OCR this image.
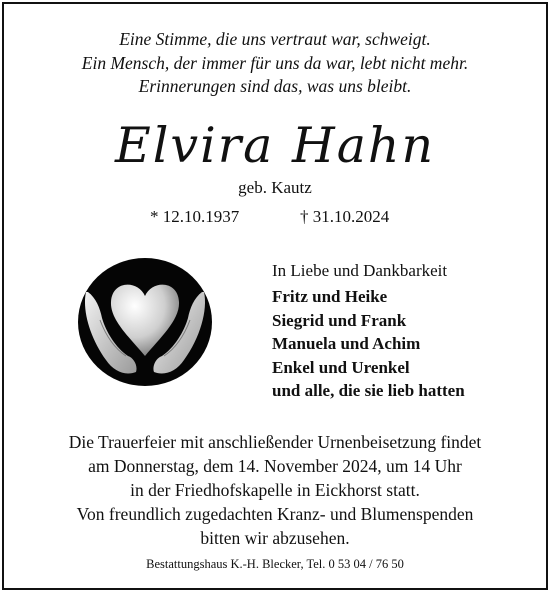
Eine Stimme, die uns vertraut war, schweigt.
Ein Mensch, der immer für uns da war, lebt nicht mehr.
Erinnerungen sind das, was uns bleibt.
Elvira Hahn
geb. Kautz
* 12.10.1937	† 31.10.2024
In Liebe und Dankbarkeit
Fritz und Heike
Siegrid und Frank
Manuela und Achim
Enkel und Urenkel
und alle, die sie lieb hatten
Die Trauerfeier mit anschließender Urnenbeisetzung findet
am Donnerstag, dem 14. November 2024, um 14 Uhr
in der Friedhofskapelle in Eickhorst statt.
Von freundlich zugedachten Kranz- und Blumenspenden
bitten wir abzusehen.
Bestattungshaus K.-H. Blecker, Tel. 0 53 04 / 76 50
